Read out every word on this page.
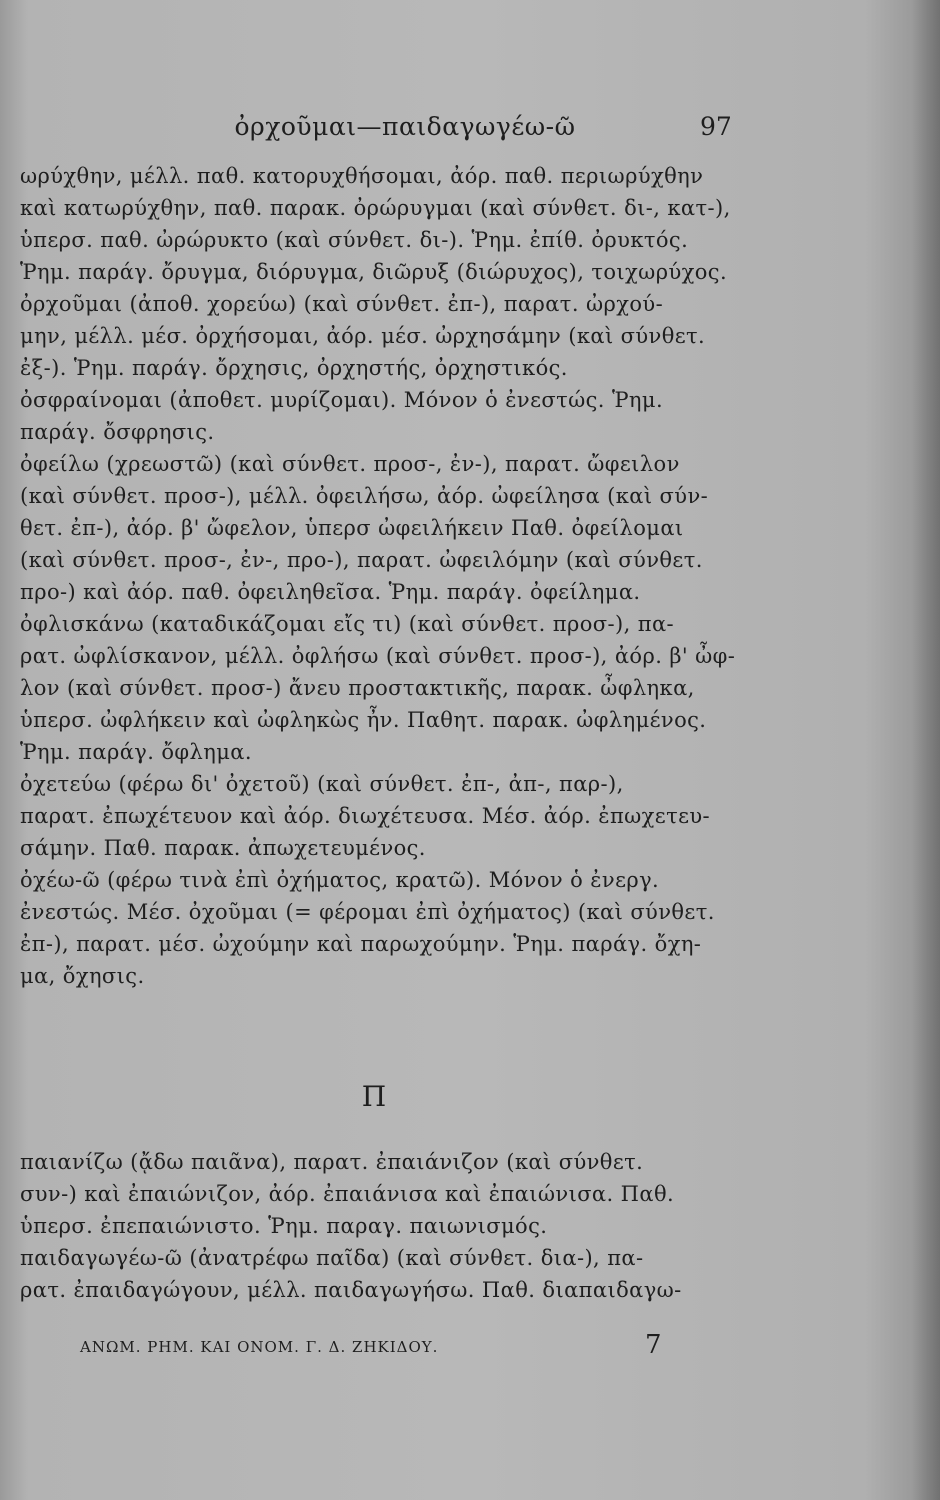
ὀρχοῦμαι—παιδαγωγέω-ῶ	97
ωρύχθην, μέλλ. παθ. κατορυχθήσομαι, ἀόρ. παθ. περιωρύχθην
καὶ κατωρύχθην, παθ. παρακ. ὀρώρυγμαι (καὶ σύνθετ. δι-, κατ-),
ὑπερσ. παθ. ὠρώρυκτο (καὶ σύνθετ. δι-). Ῥημ. ἐπίθ. ὀρυκτός.
Ῥημ. παράγ. ὄρυγμα, διόρυγμα, διῶρυξ (διώρυχος), τοιχωρύχος.
ὀρχοῦμαι (ἀποθ. χορεύω) (καὶ σύνθετ. ἐπ-), παρατ. ὠρχού-
μην, μέλλ. μέσ. ὀρχήσομαι, ἀόρ. μέσ. ὠρχησάμην (καὶ σύνθετ.
ἐξ-). Ῥημ. παράγ. ὄρχησις, ὀρχηστής, ὀρχηστικός.
ὀσφραίνομαι (ἀποθετ. μυρίζομαι). Μόνον ὁ ἐνεστώς. Ῥημ.
παράγ. ὄσφρησις.
ὀφείλω (χρεωστῶ) (καὶ σύνθετ. προσ-, ἐν-), παρατ. ὤφειλον
(καὶ σύνθετ. προσ-), μέλλ. ὀφειλήσω, ἀόρ. ὠφείλησα (καὶ σύν-
θετ. ἐπ-), ἀόρ. β' ὤφελον, ὑπερσ ὠφειλήκειν Παθ. ὀφείλομαι
(καὶ σύνθετ. προσ-, ἐν-, προ-), παρατ. ὠφειλόμην (καὶ σύνθετ.
προ-) καὶ ἀόρ. παθ. ὀφειληθεῖσα. Ῥημ. παράγ. ὀφείλημα.
ὀφλισκάνω (καταδικάζομαι εἴς τι) (καὶ σύνθετ. προσ-), πα-
ρατ. ὠφλίσκανον, μέλλ. ὀφλήσω (καὶ σύνθετ. προσ-), ἀόρ. β' ὦφ-
λον (καὶ σύνθετ. προσ-) ἄνευ προστακτικῆς, παρακ. ὦφληκα,
ὑπερσ. ὠφλήκειν καὶ ὠφληκὼς ἦν. Παθητ. παρακ. ὠφλημένος.
Ῥημ. παράγ. ὄφλημα.
ὀχετεύω (φέρω δι' ὀχετοῦ) (καὶ σύνθετ. ἐπ-, ἀπ-, παρ-),
παρατ. ἐπωχέτευον καὶ ἀόρ. διωχέτευσα. Μέσ. ἀόρ. ἐπωχετευ-
σάμην. Παθ. παρακ. ἀπωχετευμένος.
ὀχέω-ῶ (φέρω τινὰ ἐπὶ ὀχήματος, κρατῶ). Μόνον ὁ ἐνεργ.
ἐνεστώς. Μέσ. ὀχοῦμαι (= φέρομαι ἐπὶ ὀχήματος) (καὶ σύνθετ.
ἐπ-), παρατ. μέσ. ὠχούμην καὶ παρωχούμην. Ῥημ. παράγ. ὄχη-
μα, ὄχησις.
Π
παιανίζω (ᾄδω παιᾶνα), παρατ. ἐπαιάνιζον (καὶ σύνθετ.
συν-) καὶ ἐπαιώνιζον, ἀόρ. ἐπαιάνισα καὶ ἐπαιώνισα. Παθ.
ὑπερσ. ἐπεπαιώνιστο. Ῥημ. παραγ. παιωνισμός.
παιδαγωγέω-ῶ (ἀνατρέφω παῖδα) (καὶ σύνθετ. δια-), πα-
ρατ. ἐπαιδαγώγουν, μέλλ. παιδαγωγήσω. Παθ. διαπαιδαγω-
ΑΝΩΜ. ΡΗΜ. ΚΑΙ ΟΝΟΜ. Γ. Δ. ΖΗΚΙΔΟΥ.	7
